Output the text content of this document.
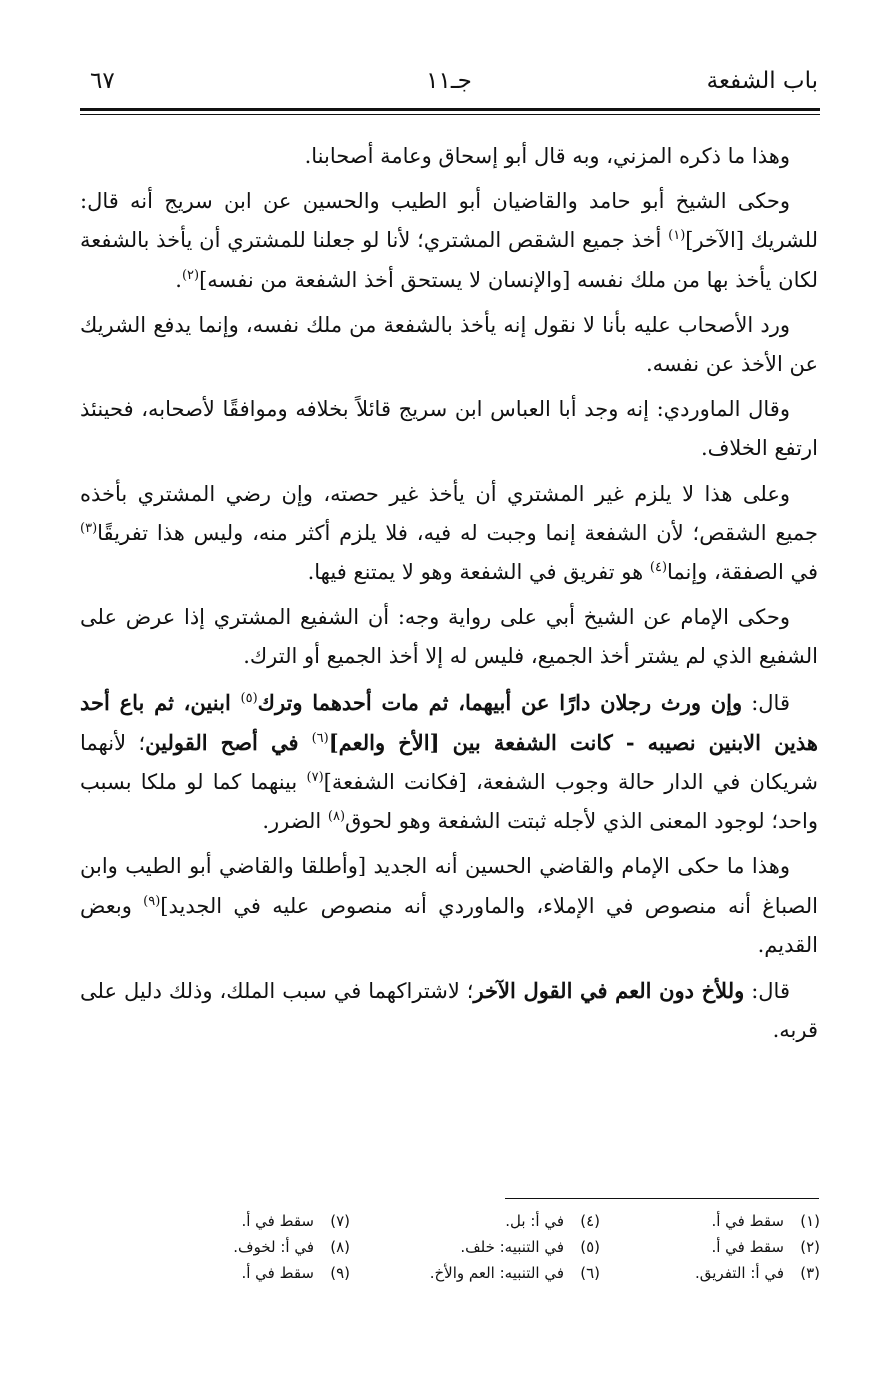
باب الشفعة
جـ١١
٦٧

وهذا ما ذكره المزني، وبه قال أبو إسحاق وعامة أصحابنا.

وحكى الشيخ أبو حامد والقاضيان أبو الطيب والحسين عن ابن سريج أنه قال: للشريك [الآخر]$^{(١)}$ أخذ جميع الشقص المشتري؛ لأنا لو جعلنا للمشتري أن يأخذ بالشفعة لكان يأخذ بها من ملك نفسه [والإنسان لا يستحق أخذ الشفعة من نفسه]$^{(٢)}$.

ورد الأصحاب عليه بأنا لا نقول إنه يأخذ بالشفعة من ملك نفسه، وإنما يدفع الشريك عن الأخذ عن نفسه.

وقال الماوردي: إنه وجد أبا العباس ابن سريج قائلاً بخلافه وموافقًا لأصحابه، فحينئذ ارتفع الخلاف.

وعلى هذا لا يلزم غير المشتري أن يأخذ غير حصته، وإن رضي المشتري بأخذه جميع الشقص؛ لأن الشفعة إنما وجبت له فيه، فلا يلزم أكثر منه، وليس هذا تفريقًا$^{(٣)}$ في الصفقة، وإنما$^{(٤)}$ هو تفريق في الشفعة وهو لا يمتنع فيها.

وحكى الإمام عن الشيخ أبي على رواية وجه: أن الشفيع المشتري إذا عرض على الشفيع الذي لم يشتر أخذ الجميع، فليس له إلا أخذ الجميع أو الترك.

قال: وإن ورث رجلان دارًا عن أبيهما، ثم مات أحدهما وترك$^{(٥)}$ ابنين، ثم باع أحد هذين الابنين نصيبه - كانت الشفعة بين [الأخ والعم]$^{(٦)}$ في أصح القولين؛ لأنهما شريكان في الدار حالة وجوب الشفعة، [فكانت الشفعة]$^{(٧)}$ بينهما كما لو ملكا بسبب واحد؛ لوجود المعنى الذي لأجله ثبتت الشفعة وهو لحوق$^{(٨)}$ الضرر.

وهذا ما حكى الإمام والقاضي الحسين أنه الجديد [وأطلقا والقاضي أبو الطيب وابن الصباغ أنه منصوص في الإملاء، والماوردي أنه منصوص عليه في الجديد]$^{(٩)}$ وبعض القديم.

قال: وللأخ دون العم في القول الآخر؛ لاشتراكهما في سبب الملك، وذلك دليل على قربه.

(١)سقط في أ.
(٤)في أ: بل.
(٧)سقط في أ.
(٢)سقط في أ.
(٥)في التنبيه: خلف.
(٨)في أ: لخوف.
(٣)في أ: التفريق.
(٦)في التنبيه: العم والأخ.
(٩)سقط في أ.
